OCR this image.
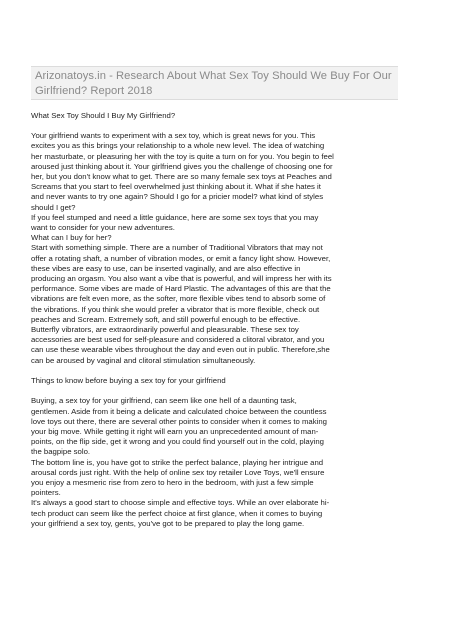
Arizonatoys.in - Research About What Sex Toy Should We Buy For Our Girlfriend? Report 2018

What Sex Toy Should I Buy My Girlfriend?

Your girlfriend wants to experiment with a sex toy, which is great news for you. This
excites you as this brings your relationship to a whole new level. The idea of watching
her masturbate, or pleasuring her with the toy is quite a turn on for you. You begin to feel
aroused just thinking about it. Your girlfriend gives you the challenge of choosing one for
her, but you don't know what to get. There are so many female sex toys at Peaches and
Screams that you start to feel overwhelmed just thinking about it. What if she hates it
and never wants to try one again? Should I go for a pricier model? what kind of styles
should I get?
If you feel stumped and need a little guidance, here are some sex toys that you may
want to consider for your new adventures.
What can I buy for her?
Start with something simple. There are a number of Traditional Vibrators that may not
offer a rotating shaft, a number of vibration modes, or emit a fancy light show. However,
these vibes are easy to use, can be inserted vaginally, and are also effective in
producing an orgasm. You also want a vibe that is powerful, and will impress her with its
performance. Some vibes are made of Hard Plastic. The advantages of this are that the
vibrations are felt even more, as the softer, more flexible vibes tend to absorb some of
the vibrations. If you think she would prefer a vibrator that is more flexible, check out
peaches and Scream. Extremely soft, and still powerful enough to be effective.
Butterfly vibrators, are extraordinarily powerful and pleasurable. These sex toy
accessories are best used for self-pleasure and considered a clitoral vibrator, and you
can use these wearable vibes throughout the day and even out in public. Therefore,she
can be aroused by vaginal and clitoral stimulation simultaneously.

Things to know before buying a sex toy for your girlfriend

Buying, a sex toy for your girlfriend, can seem like one hell of a daunting task,
gentlemen. Aside from it being a delicate and calculated choice between the countless
love toys out there, there are several other points to consider when it comes to making
your big move. While getting it right will earn you an unprecedented amount of man-
points, on the flip side, get it wrong and you could find yourself out in the cold, playing
the bagpipe solo.
The bottom line is, you have got to strike the perfect balance, playing her intrigue and
arousal cords just right. With the help of online sex toy retailer Love Toys, we'll ensure
you enjoy a mesmeric rise from zero to hero in the bedroom, with just a few simple
pointers.
It's always a good start to choose simple and effective toys. While an over elaborate hi-
tech product can seem like the perfect choice at first glance, when it comes to buying
your girlfriend a sex toy, gents, you've got to be prepared to play the long game.
